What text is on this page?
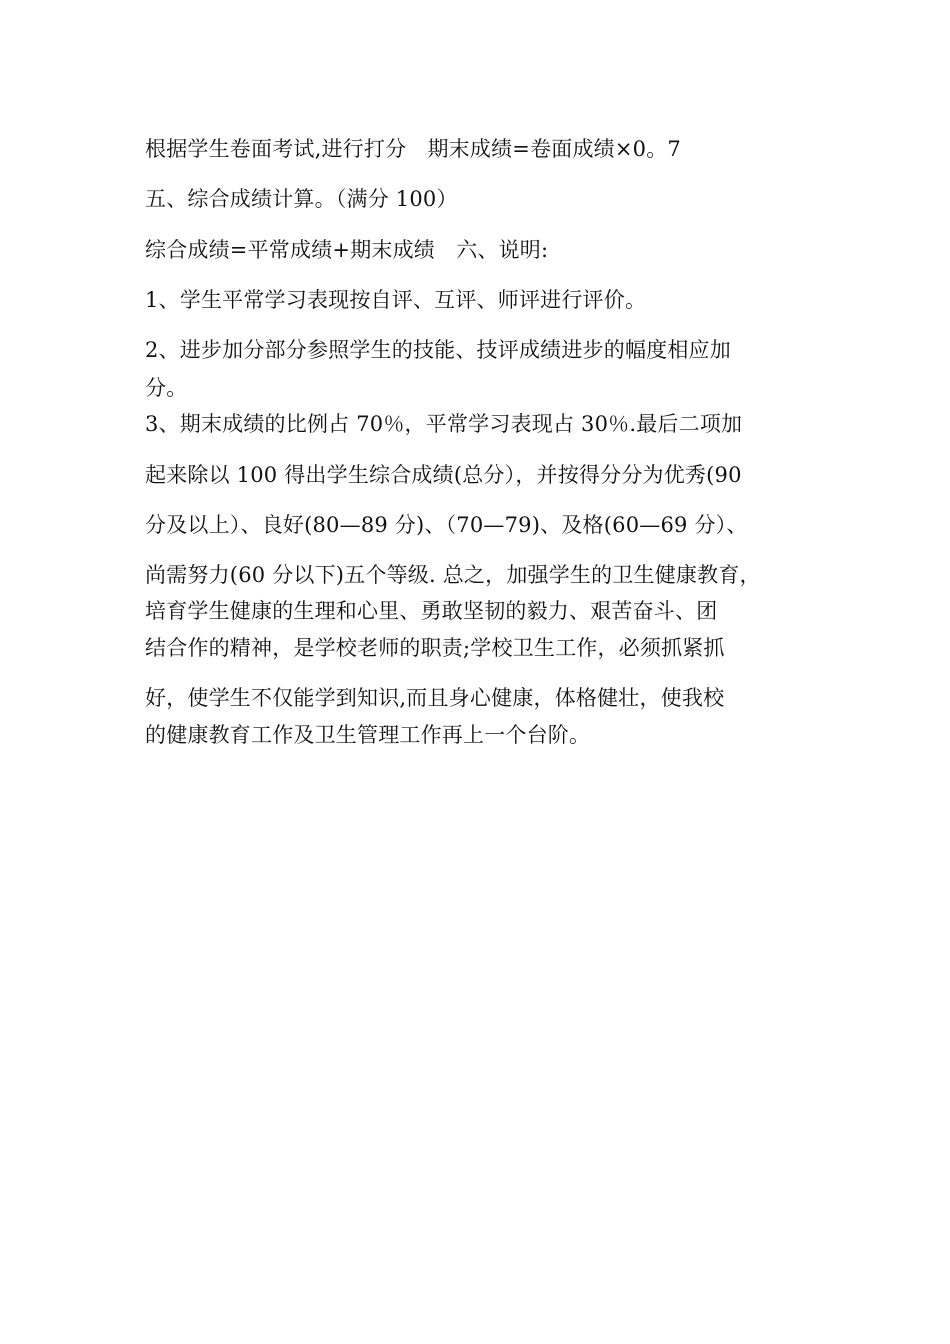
根据学生卷面考试,进行打分　期末成绩=卷面成绩×0。7
五、综合成绩计算。（满分 100）
综合成绩=平常成绩+期末成绩　六、说明:
1、学生平常学习表现按自评、互评、师评进行评价。
2、进步加分部分参照学生的技能、技评成绩进步的幅度相应加
分。
3、期末成绩的比例占 70％，平常学习表现占 30％.最后二项加
起来除以 100 得出学生综合成绩(总分），并按得分分为优秀(90
分及以上）、良好(80—89 分)、（70—79)、及格(60—69 分）、
尚需努力(60 分以下)五个等级. 总之，加强学生的卫生健康教育，
培育学生健康的生理和心里、勇敢坚韧的毅力、艰苦奋斗、团
结合作的精神，是学校老师的职责;学校卫生工作，必须抓紧抓
好，使学生不仅能学到知识,而且身心健康，体格健壮，使我校
的健康教育工作及卫生管理工作再上一个台阶。
